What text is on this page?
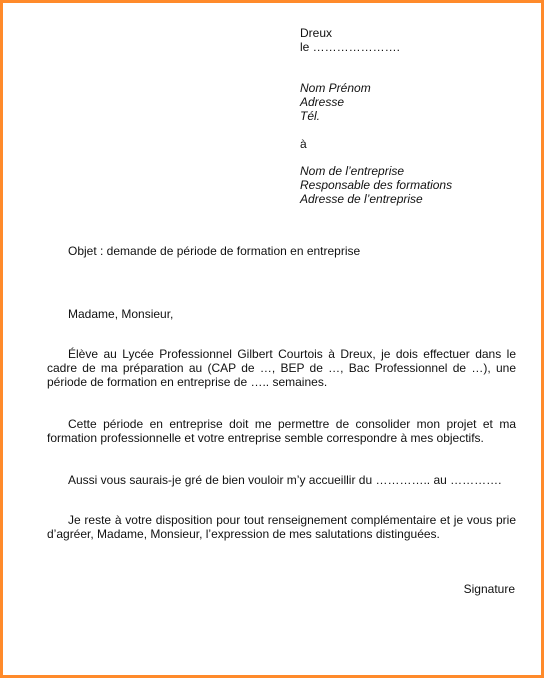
Dreux
le ………………….
Nom Prénom
Adresse
Tél.
à
Nom de l’entreprise
Responsable des formations
Adresse de l’entreprise
Objet : demande de période de formation en entreprise
Madame, Monsieur,

Élève au Lycée Professionnel Gilbert Courtois à Dreux, je dois effectuer dans le cadre de ma préparation au (CAP de …, BEP de …, Bac Professionnel de …), une période de formation en entreprise de ….. semaines.

Cette période en entreprise doit me permettre de consolider mon projet et ma formation professionnelle et votre entreprise semble correspondre à mes objectifs.

Aussi vous saurais-je gré de bien vouloir m’y accueillir du ………….. au ………….

Je reste à votre disposition pour tout renseignement complémentaire et je vous prie d’agréer, Madame, Monsieur, l’expression de mes salutations distinguées.

Signature
